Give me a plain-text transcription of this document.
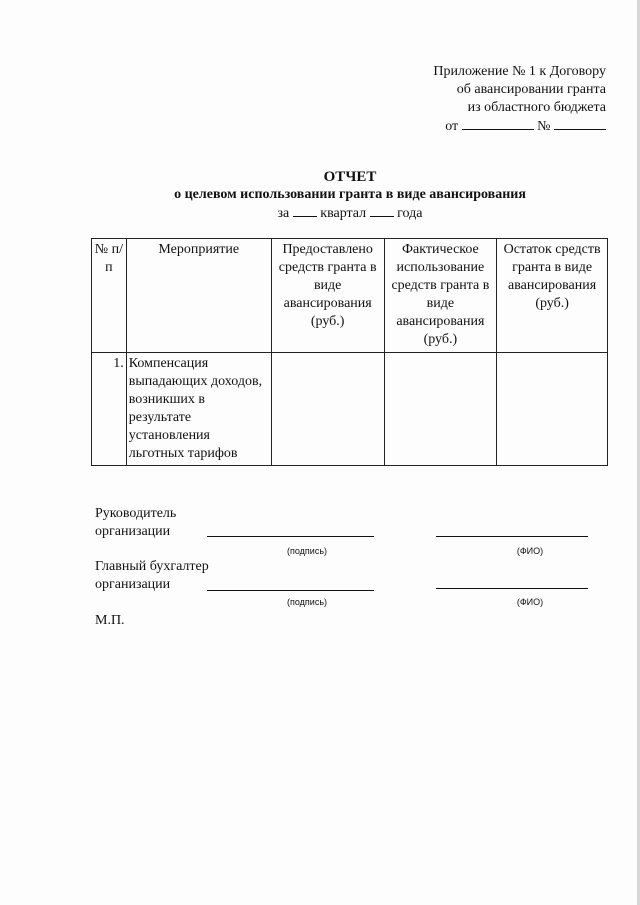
Приложение № 1 к Договору
об авансировании гранта
из областного бюджета
от	№
ОТЧЕТ
о целевом использовании гранта в виде авансирования
за квартал года
№ п/п	Мероприятие	Предоставлено средств гранта в виде авансирования (руб.)	Фактическое использование средств гранта в виде авансирования (руб.)	Остаток средств гранта в виде авансирования (руб.)
1.	Компенсация выпадающих доходов, возникших в результате установления льготных тарифов			
Руководитель организации
(подпись)	(ФИО)
Главный бухгалтер организации
(подпись)	(ФИО)
М.П.
